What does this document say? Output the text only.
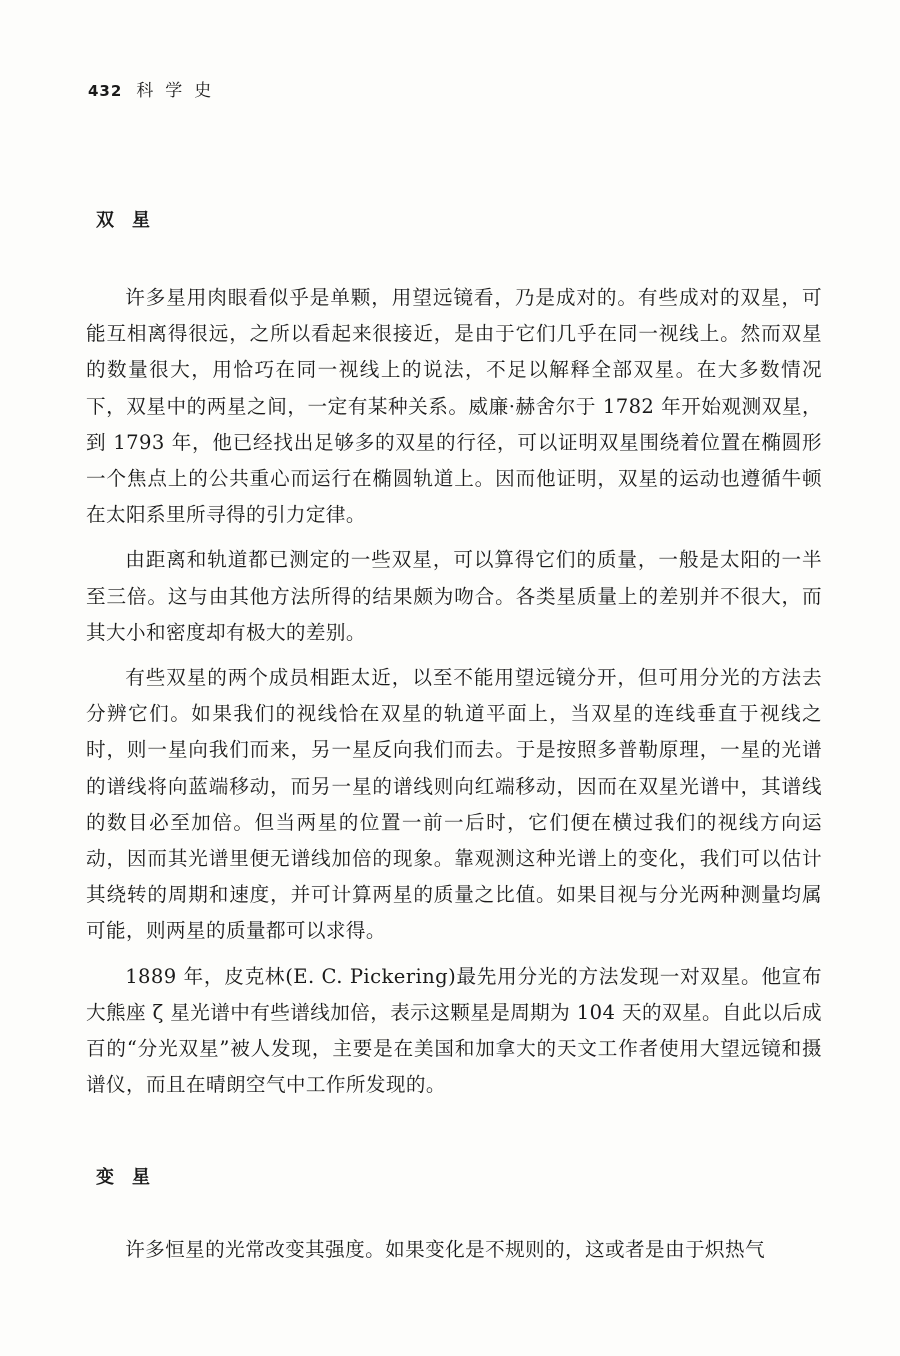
432 科学史
双星

许多星用肉眼看似乎是单颗，用望远镜看，乃是成对的。有些成对的双星，可能互相离得很远，之所以看起来很接近，是由于它们几乎在同一视线上。然而双星的数量很大，用恰巧在同一视线上的说法，不足以解释全部双星。在大多数情况下，双星中的两星之间，一定有某种关系。威廉·赫舍尔于 1782 年开始观测双星，到 1793 年，他已经找出足够多的双星的行径，可以证明双星围绕着位置在椭圆形一个焦点上的公共重心而运行在椭圆轨道上。因而他证明，双星的运动也遵循牛顿在太阳系里所寻得的引力定律。

由距离和轨道都已测定的一些双星，可以算得它们的质量，一般是太阳的一半至三倍。这与由其他方法所得的结果颇为吻合。各类星质量上的差别并不很大，而其大小和密度却有极大的差别。

有些双星的两个成员相距太近，以至不能用望远镜分开，但可用分光的方法去分辨它们。如果我们的视线恰在双星的轨道平面上，当双星的连线垂直于视线之时，则一星向我们而来，另一星反向我们而去。于是按照多普勒原理，一星的光谱的谱线将向蓝端移动，而另一星的谱线则向红端移动，因而在双星光谱中，其谱线的数目必至加倍。但当两星的位置一前一后时，它们便在横过我们的视线方向运动，因而其光谱里便无谱线加倍的现象。靠观测这种光谱上的变化，我们可以估计其绕转的周期和速度，并可计算两星的质量之比值。如果目视与分光两种测量均属可能，则两星的质量都可以求得。

1889 年，皮克林(E. C. Pickering)最先用分光的方法发现一对双星。他宣布大熊座 ζ 星光谱中有些谱线加倍，表示这颗星是周期为 104 天的双星。自此以后成百的“分光双星”被人发现，主要是在美国和加拿大的天文工作者使用大望远镜和摄谱仪，而且在晴朗空气中工作所发现的。

变星

许多恒星的光常改变其强度。如果变化是不规则的，这或者是由于炽热气
